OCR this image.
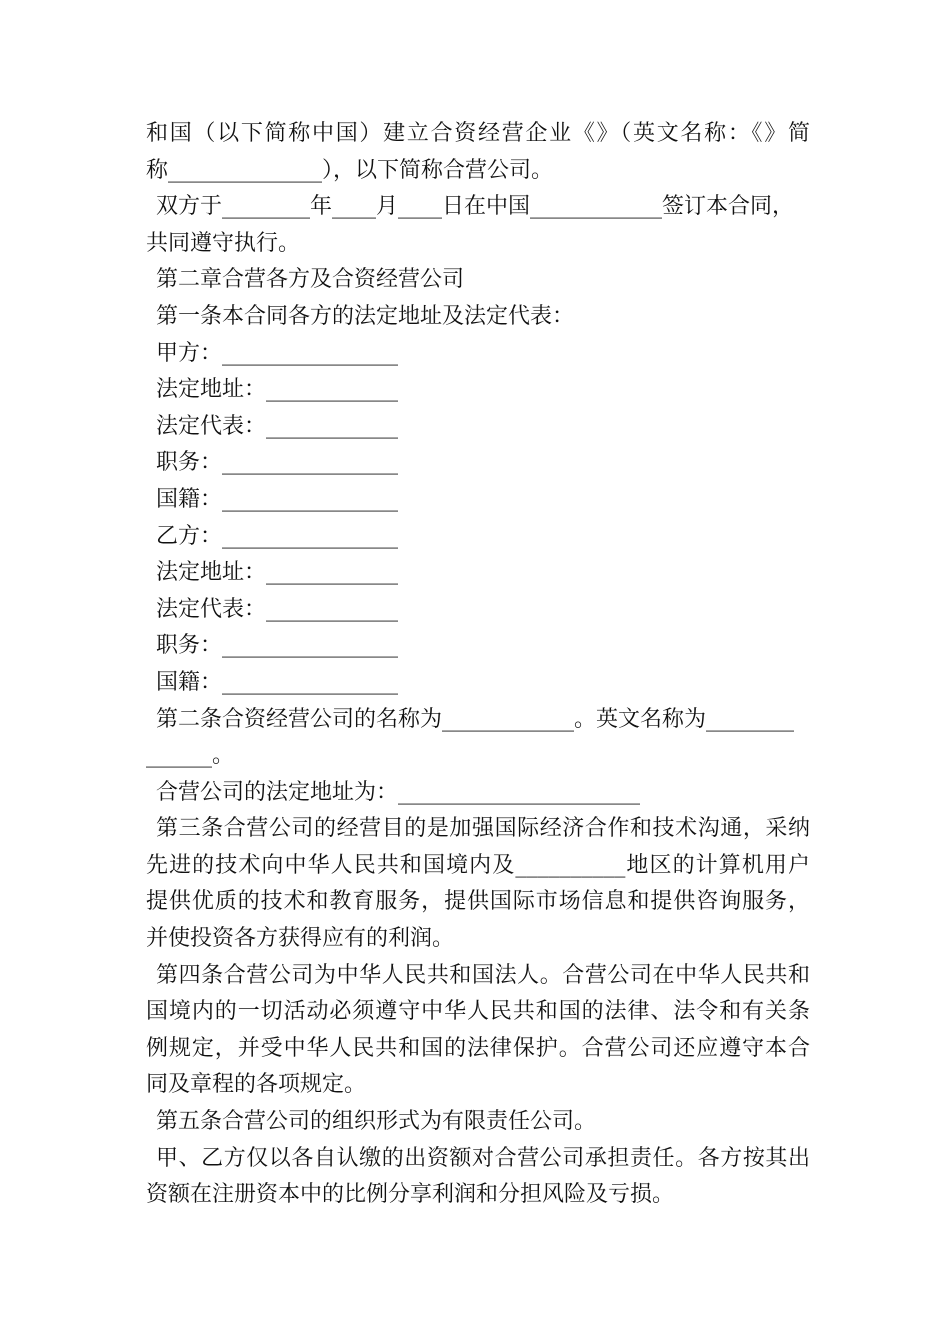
和国（以下简称中国）建立合资经营企业《》（英文名称：《》简
称______________），以下简称合营公司。
双方于________年____月____日在中国____________签订本合同，
共同遵守执行。
第二章合营各方及合资经营公司
第一条本合同各方的法定地址及法定代表：
甲方：________________
法定地址：____________
法定代表：____________
职务：________________
国籍：________________
乙方：________________
法定地址：____________
法定代表：____________
职务：________________
国籍：________________
第二条合资经营公司的名称为____________。英文名称为________
______。
合营公司的法定地址为：______________________
第三条合营公司的经营目的是加强国际经济合作和技术沟通，采纳
先进的技术向中华人民共和国境内及__________地区的计算机用户
提供优质的技术和教育服务，提供国际市场信息和提供咨询服务，
并使投资各方获得应有的利润。
第四条合营公司为中华人民共和国法人。合营公司在中华人民共和
国境内的一切活动必须遵守中华人民共和国的法律、法令和有关条
例规定，并受中华人民共和国的法律保护。合营公司还应遵守本合
同及章程的各项规定。
第五条合营公司的组织形式为有限责任公司。
甲、乙方仅以各自认缴的出资额对合营公司承担责任。各方按其出
资额在注册资本中的比例分享利润和分担风险及亏损。
